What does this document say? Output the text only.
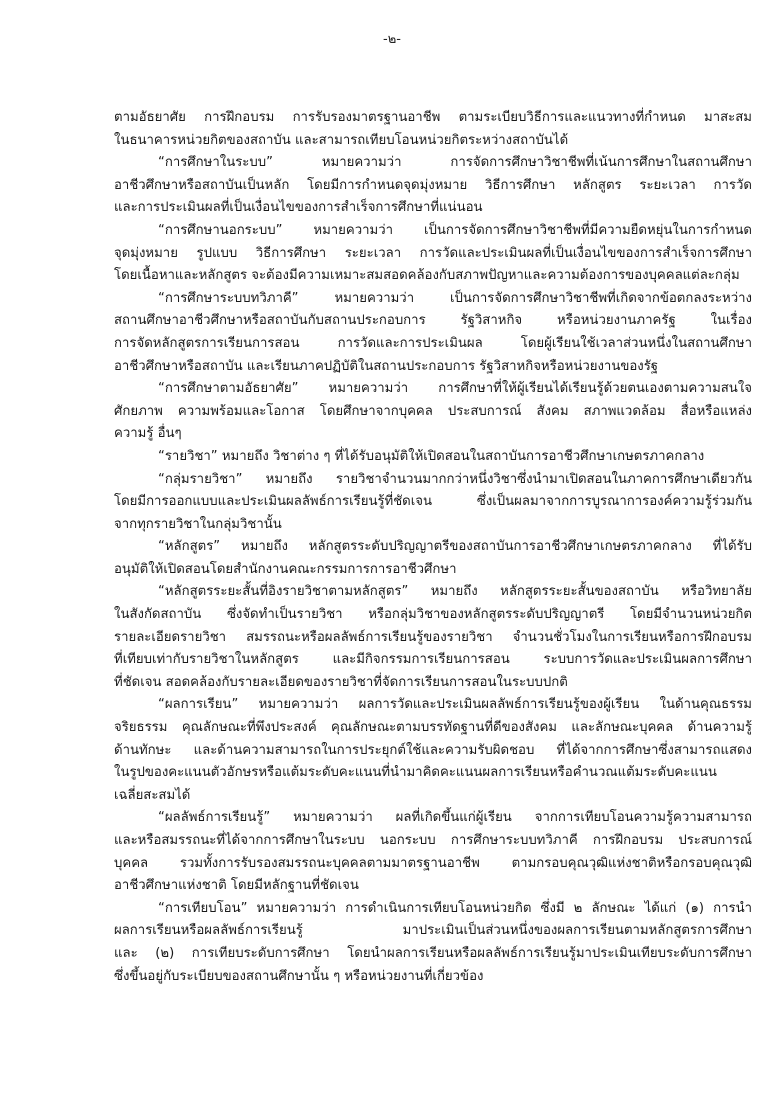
-๒-
ตามอัธยาศัย การฝึกอบรม การรับรองมาตรฐานอาชีพ ตามระเบียบวิธีการและแนวทางที่กำหนด มาสะสม
ในธนาคารหน่วยกิตของสถาบัน และสามารถเทียบโอนหน่วยกิตระหว่างสถาบันได้
“การศึกษาในระบบ” หมายความว่า การจัดการศึกษาวิชาชีพที่เน้นการศึกษาในสถานศึกษา
อาชีวศึกษาหรือสถาบันเป็นหลัก โดยมีการกำหนดจุดมุ่งหมาย วิธีการศึกษา หลักสูตร ระยะเวลา การวัด
และการประเมินผลที่เป็นเงื่อนไขของการสำเร็จการศึกษาที่แน่นอน
“การศึกษานอกระบบ” หมายความว่า เป็นการจัดการศึกษาวิชาชีพที่มีความยืดหยุ่นในการกำหนด
จุดมุ่งหมาย รูปแบบ วิธีการศึกษา ระยะเวลา การวัดและประเมินผลที่เป็นเงื่อนไขของการสำเร็จการศึกษา
โดยเนื้อหาและหลักสูตร จะต้องมีความเหมาะสมสอดคล้องกับสภาพปัญหาและความต้องการของบุคคลแต่ละกลุ่ม
“การศึกษาระบบทวิภาคี” หมายความว่า เป็นการจัดการศึกษาวิชาชีพที่เกิดจากข้อตกลงระหว่าง
สถานศึกษาอาชีวศึกษาหรือสถาบันกับสถานประกอบการ รัฐวิสาหกิจ หรือหน่วยงานภาครัฐ ในเรื่อง
การจัดหลักสูตรการเรียนการสอน การวัดและการประเมินผล โดยผู้เรียนใช้เวลาส่วนหนึ่งในสถานศึกษา
อาชีวศึกษาหรือสถาบัน และเรียนภาคปฏิบัติในสถานประกอบการ รัฐวิสาหกิจหรือหน่วยงานของรัฐ
“การศึกษาตามอัธยาศัย” หมายความว่า การศึกษาที่ให้ผู้เรียนได้เรียนรู้ด้วยตนเองตามความสนใจ
ศักยภาพ ความพร้อมและโอกาส โดยศึกษาจากบุคคล ประสบการณ์ สังคม สภาพแวดล้อม สื่อหรือแหล่ง
ความรู้ อื่นๆ
“รายวิชา” หมายถึง วิชาต่าง ๆ ที่ได้รับอนุมัติให้เปิดสอนในสถาบันการอาชีวศึกษาเกษตรภาคกลาง
“กลุ่มรายวิชา” หมายถึง รายวิชาจำนวนมากกว่าหนึ่งวิชาซึ่งนำมาเปิดสอนในภาคการศึกษาเดียวกัน
โดยมีการออกแบบและประเมินผลลัพธ์การเรียนรู้ที่ชัดเจน ซึ่งเป็นผลมาจากการบูรณาการองค์ความรู้ร่วมกัน
จากทุกรายวิชาในกลุ่มวิชานั้น
“หลักสูตร” หมายถึง หลักสูตรระดับปริญญาตรีของสถาบันการอาชีวศึกษาเกษตรภาคกลาง ที่ได้รับ
อนุมัติให้เปิดสอนโดยสำนักงานคณะกรรมการการอาชีวศึกษา
“หลักสูตรระยะสั้นที่อิงรายวิชาตามหลักสูตร” หมายถึง หลักสูตรระยะสั้นของสถาบัน หรือวิทยาลัย
ในสังกัดสถาบัน ซึ่งจัดทำเป็นรายวิชา หรือกลุ่มวิชาของหลักสูตรระดับปริญญาตรี โดยมีจำนวนหน่วยกิต
รายละเอียดรายวิชา สมรรถนะหรือผลลัพธ์การเรียนรู้ของรายวิชา จำนวนชั่วโมงในการเรียนหรือการฝึกอบรม
ที่เทียบเท่ากับรายวิชาในหลักสูตร และมีกิจกรรมการเรียนการสอน ระบบการวัดและประเมินผลการศึกษา
ที่ชัดเจน สอดคล้องกับรายละเอียดของรายวิชาที่จัดการเรียนการสอนในระบบปกติ
“ผลการเรียน” หมายความว่า ผลการวัดและประเมินผลลัพธ์การเรียนรู้ของผู้เรียน ในด้านคุณธรรม
จริยธรรม คุณลักษณะที่พึงประสงค์ คุณลักษณะตามบรรทัดฐานที่ดีของสังคม และลักษณะบุคคล ด้านความรู้
ด้านทักษะ และด้านความสามารถในการประยุกต์ใช้และความรับผิดชอบ ที่ได้จากการศึกษาซึ่งสามารถแสดง
ในรูปของคะแนนตัวอักษรหรือแต้มระดับคะแนนที่นำมาคิดคะแนนผลการเรียนหรือคำนวณแต้มระดับคะแนน
เฉลี่ยสะสมได้
“ผลลัพธ์การเรียนรู้” หมายความว่า ผลที่เกิดขึ้นแก่ผู้เรียน จากการเทียบโอนความรู้ความสามารถ
และหรือสมรรถนะที่ได้จากการศึกษาในระบบ นอกระบบ การศึกษาระบบทวิภาคี การฝึกอบรม ประสบการณ์
บุคคล รวมทั้งการรับรองสมรรถนะบุคคลตามมาตรฐานอาชีพ ตามกรอบคุณวุฒิแห่งชาติหรือกรอบคุณวุฒิ
อาชีวศึกษาแห่งชาติ โดยมีหลักฐานที่ชัดเจน
“การเทียบโอน” หมายความว่า การดำเนินการเทียบโอนหน่วยกิต ซึ่งมี ๒ ลักษณะ ได้แก่ (๑) การนำ
ผลการเรียนหรือผลลัพธ์การเรียนรู้ มาประเมินเป็นส่วนหนึ่งของผลการเรียนตามหลักสูตรการศึกษา
และ (๒) การเทียบระดับการศึกษา โดยนำผลการเรียนหรือผลลัพธ์การเรียนรู้มาประเมินเทียบระดับการศึกษา
ซึ่งขึ้นอยู่กับระเบียบของสถานศึกษานั้น ๆ หรือหน่วยงานที่เกี่ยวข้อง
